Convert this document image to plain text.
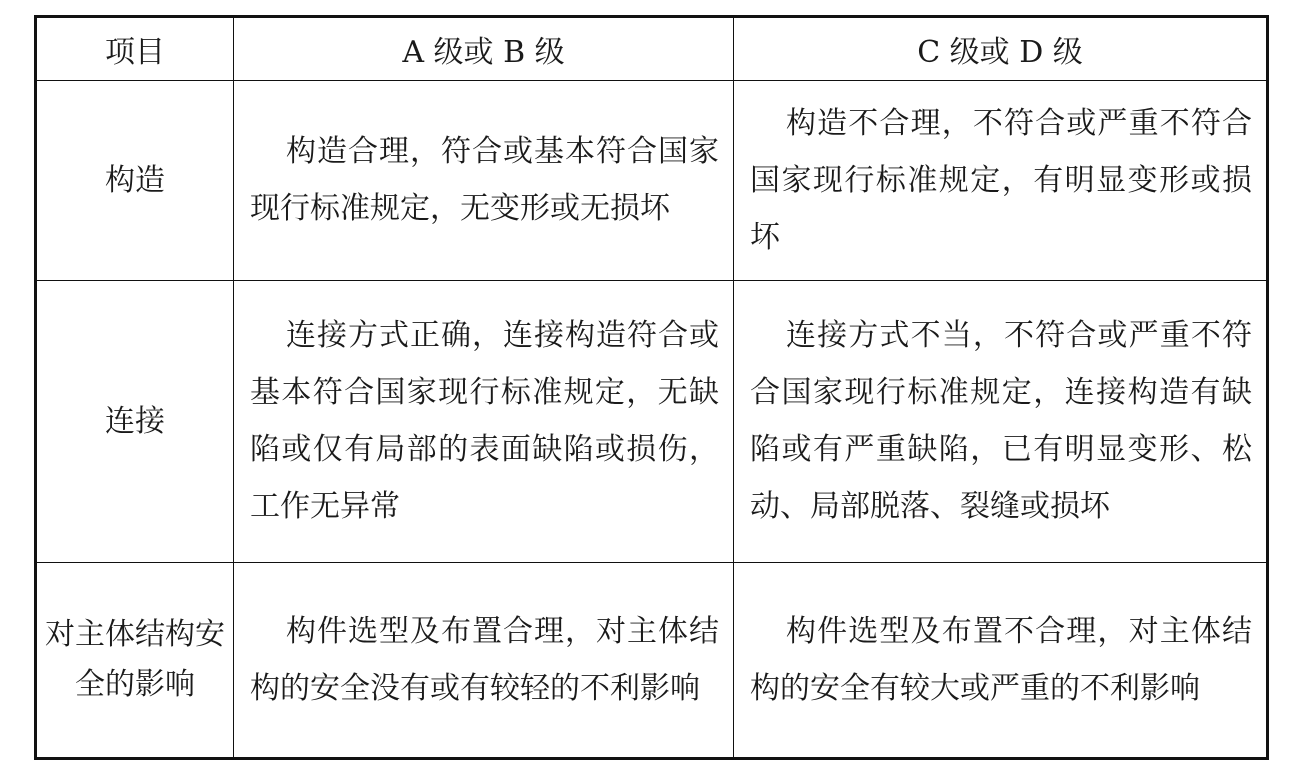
项目	A 级或 B 级	C 级或 D 级
构造	构造合理，符合或基本符合国家现行标准规定，无变形或无损坏	构造不合理，不符合或严重不符合国家现行标准规定，有明显变形或损坏

连接	连接方式正确，连接构造符合或基本符合国家现行标准规定，无缺陷或仅有局部的表面缺陷或损伤，工作无异常	连接方式不当，不符合或严重不符合国家现行标准规定，连接构造有缺陷或有严重缺陷，已有明显变形、松动、局部脱落、裂缝或损坏

对主体结构安全的影响	构件选型及布置合理，对主体结构的安全没有或有较轻的不利影响	构件选型及布置不合理，对主体结构的安全有较大或严重的不利影响
